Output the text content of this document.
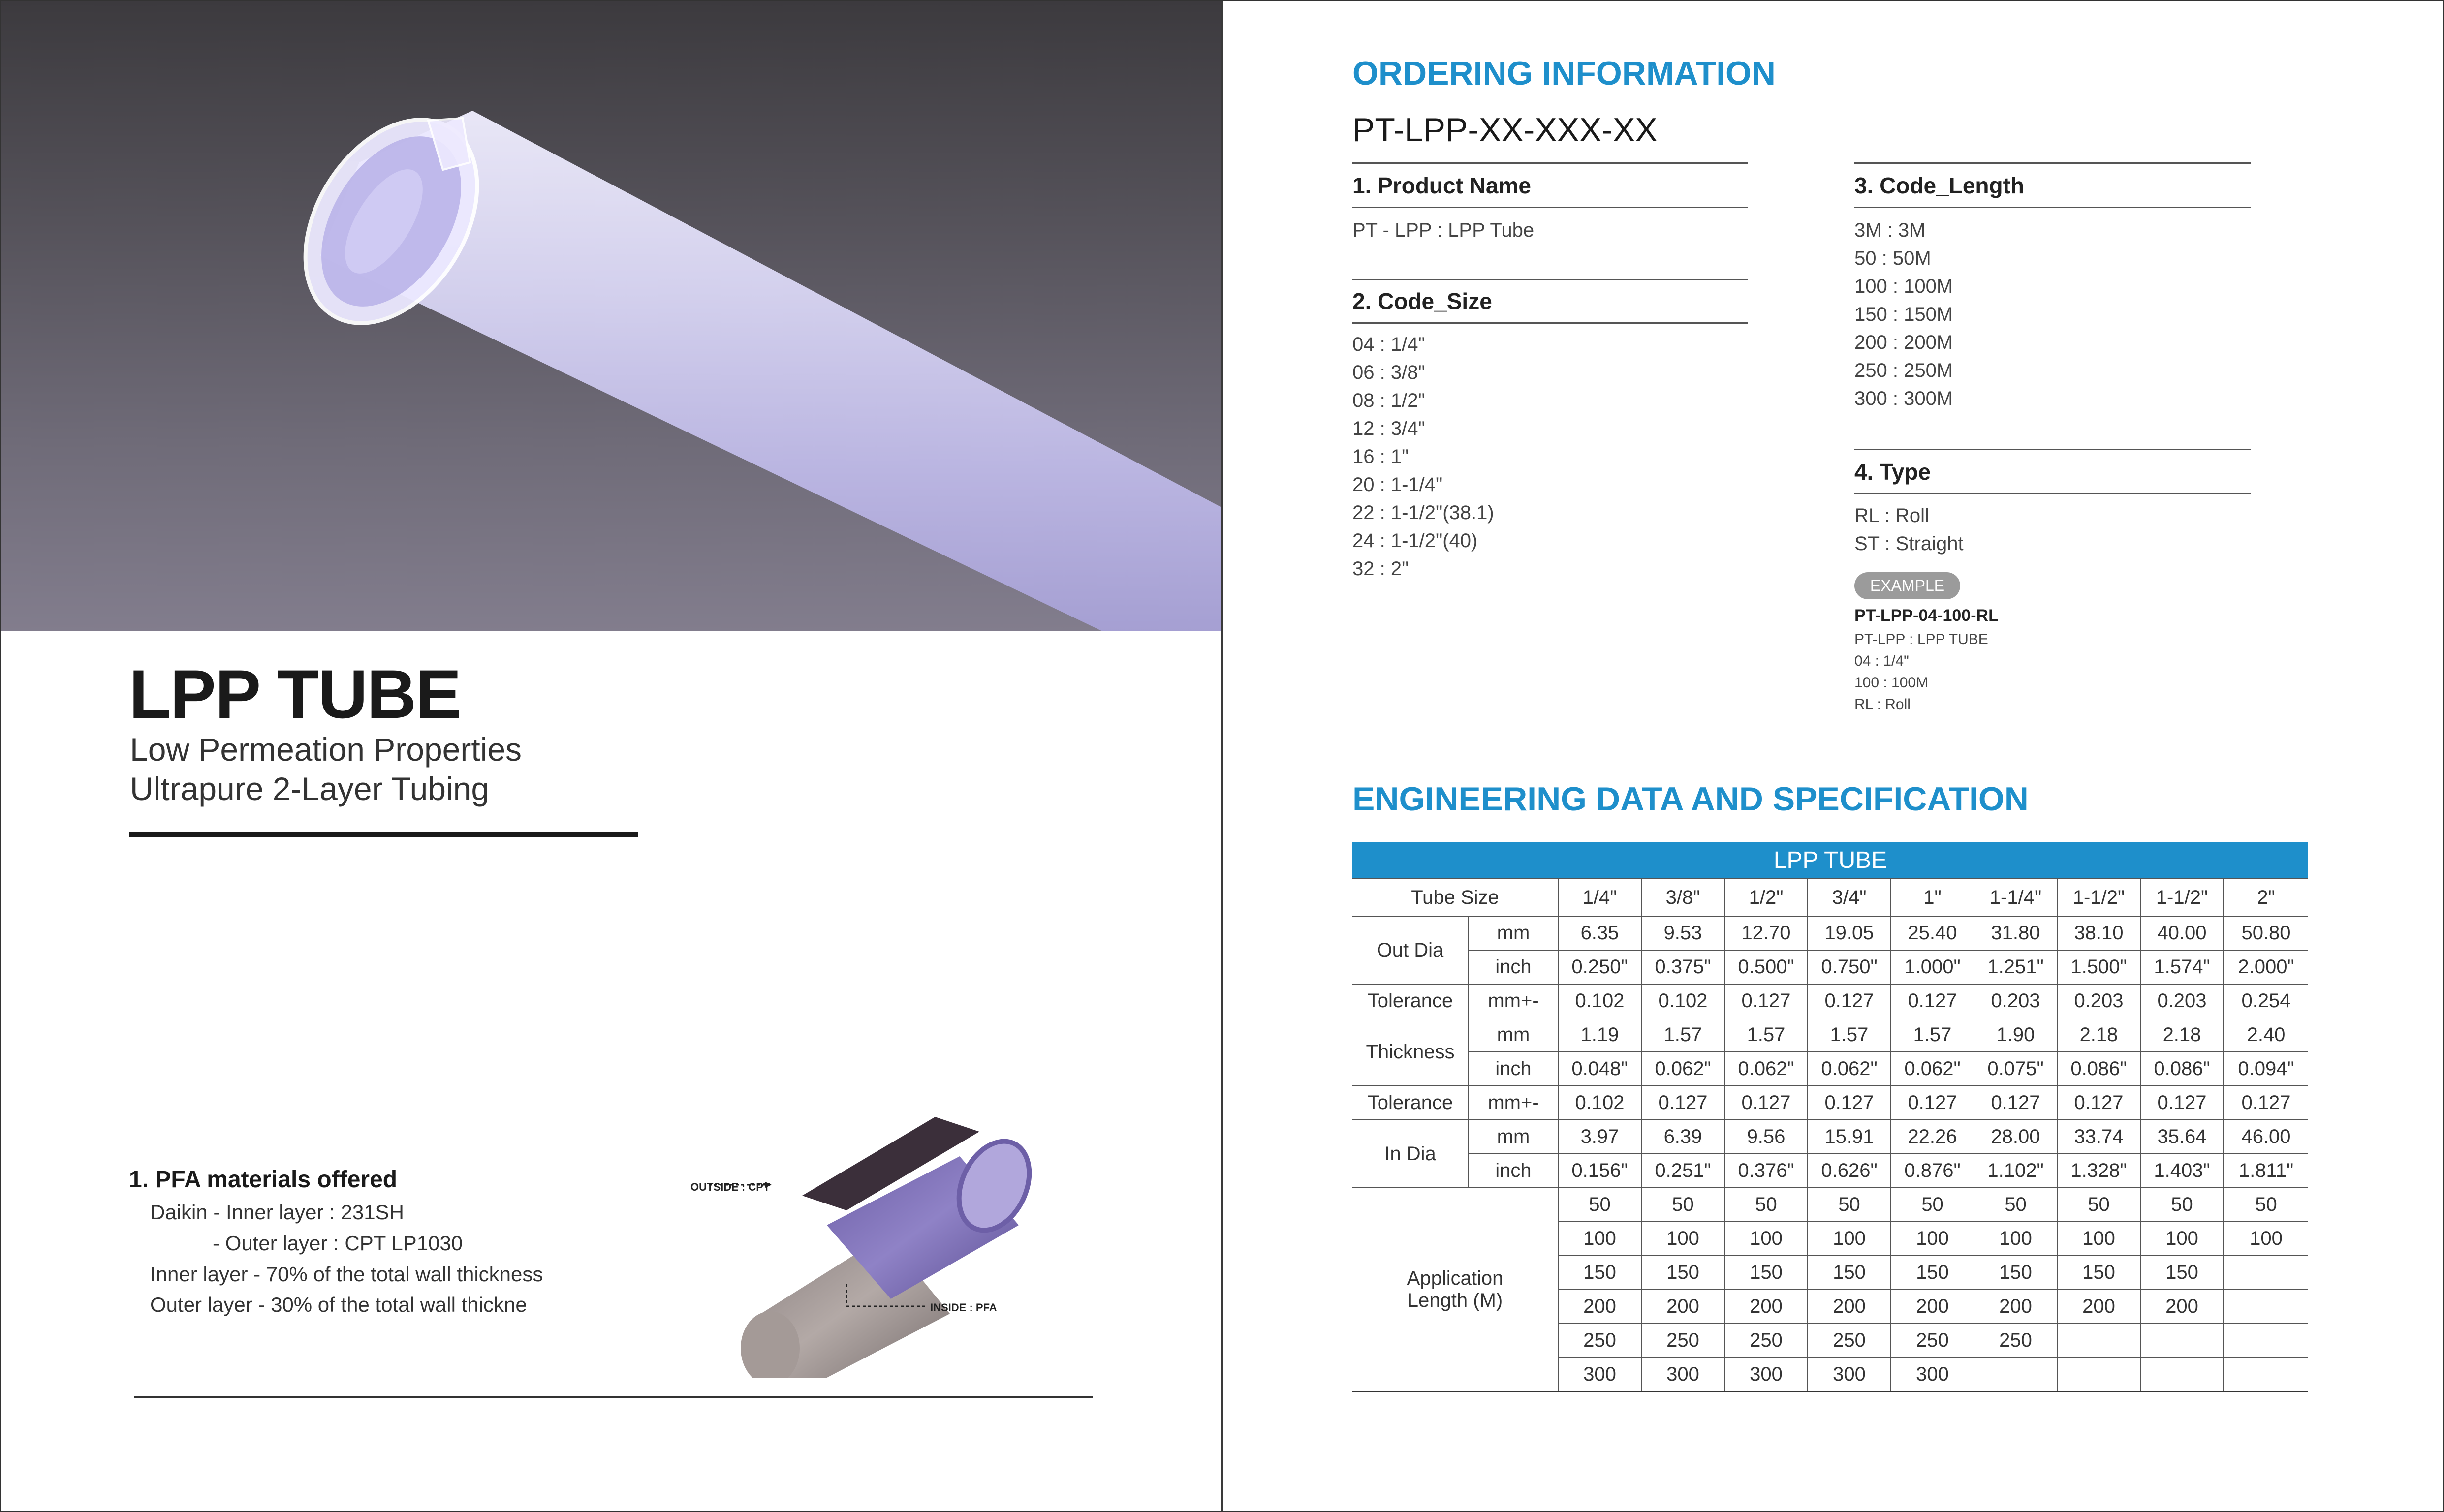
LPP TUBE
Low Permeation Properties
Ultrapure 2-Layer Tubing
1. PFA materials offered
Daikin - Inner layer : 231SH
- Outer layer : CPT LP1030
Inner layer - 70% of the total wall thickness
Outer layer - 30% of the total wall thickne
OUTSIDE : CPT
INSIDE : PFA
ORDERING INFORMATION
PT-LPP-XX-XXX-XX
1. Product Name
PT - LPP : LPP Tube
2. Code_Size
04 : 1/4"
06 : 3/8"
08 : 1/2"
12 : 3/4"
16 : 1"
20 : 1-1/4"
22 : 1-1/2"(38.1)
24 : 1-1/2"(40)
32 : 2"
3. Code_Length
3M : 3M
50 : 50M
100 : 100M
150 : 150M
200 : 200M
250 : 250M
300 : 300M
4. Type
RL : Roll
ST : Straight
EXAMPLE
PT-LPP-04-100-RL
PT-LPP : LPP TUBE
04 : 1/4"
100 : 100M
RL : Roll
ENGINEERING DATA AND SPECIFICATION
LPP TUBE										
Tube Size		1/4"	3/8"	1/2"	3/4"	1"	1-1/4"	1-1/2"	1-1/2"	2"
Out Dia	mm	6.35	9.53	12.70	19.05	25.40	31.80	38.10	40.00	50.80
	inch	0.250"	0.375"	0.500"	0.750"	1.000"	1.251"	1.500"	1.574"	2.000"
Tolerance	mm+-	0.102	0.102	0.127	0.127	0.127	0.203	0.203	0.203	0.254
Thickness	mm	1.19	1.57	1.57	1.57	1.57	1.90	2.18	2.18	2.40
	inch	0.048"	0.062"	0.062"	0.062"	0.062"	0.075"	0.086"	0.086"	0.094"
Tolerance	mm+-	0.102	0.127	0.127	0.127	0.127	0.127	0.127	0.127	0.127
In Dia	mm	3.97	6.39	9.56	15.91	22.26	28.00	33.74	35.64	46.00
	inch	0.156"	0.251"	0.376"	0.626"	0.876"	1.102"	1.328"	1.403"	1.811"

Application
Length (M)		50	50	50	50	50	50	50	50	50
		100	100	100	100	100	100	100	100	100
		150	150	150	150	150	150	150	150	
		200	200	200	200	200	200	200	200	
		250	250	250	250	250	250			
		300	300	300	300	300				
